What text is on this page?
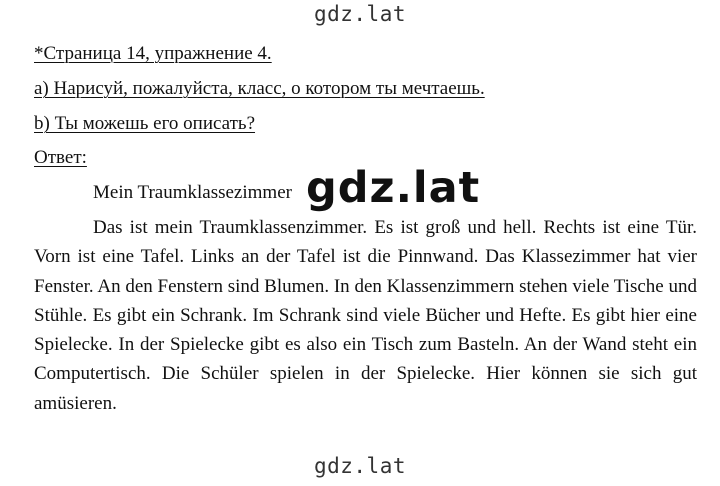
gdz.lat
*Страница 14, упражнение 4.
а) Нарисуй, пожалуйста, класс, о котором ты мечтаешь.
b) Ты можешь его описать?
Ответ:
Mein Traumklassezimmer gdz.lat

Das ist mein Traumklassenzimmer. Es ist groß und hell. Rechts ist eine Tür. Vorn ist eine Tafel. Links an der Tafel ist die Pinnwand. Das Klassezimmer hat vier Fenster. An den Fenstern sind Blumen. In den Klassenzimmern stehen viele Tische und Stühle. Es gibt ein Schrank. Im Schrank sind viele Bücher und Hefte. Es gibt hier eine Spielecke. In der Spielecke gibt es also ein Tisch zum Basteln. An der Wand steht ein Computertisch. Die Schüler spielen in der Spielecke. Hier können sie sich gut amüsieren.

gdz.lat
